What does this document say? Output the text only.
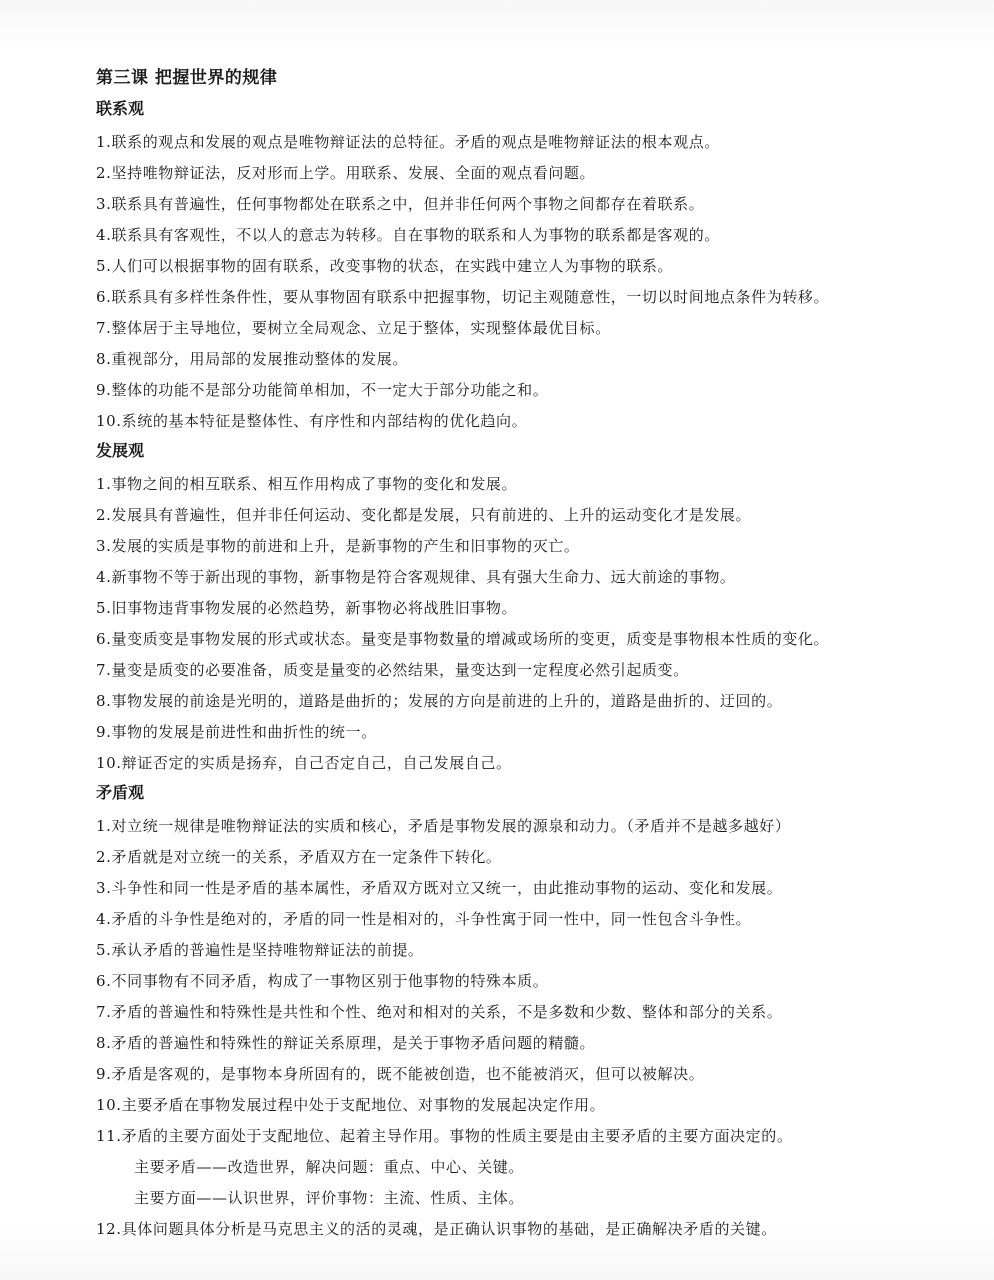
第三课 把握世界的规律
联系观
1.联系的观点和发展的观点是唯物辩证法的总特征。矛盾的观点是唯物辩证法的根本观点。
2.坚持唯物辩证法，反对形而上学。用联系、发展、全面的观点看问题。
3.联系具有普遍性，任何事物都处在联系之中，但并非任何两个事物之间都存在着联系。
4.联系具有客观性，不以人的意志为转移。自在事物的联系和人为事物的联系都是客观的。
5.人们可以根据事物的固有联系，改变事物的状态，在实践中建立人为事物的联系。
6.联系具有多样性条件性，要从事物固有联系中把握事物，切记主观随意性，一切以时间地点条件为转移。
7.整体居于主导地位，要树立全局观念、立足于整体，实现整体最优目标。
8.重视部分，用局部的发展推动整体的发展。
9.整体的功能不是部分功能简单相加，不一定大于部分功能之和。
10.系统的基本特征是整体性、有序性和内部结构的优化趋向。
发展观
1.事物之间的相互联系、相互作用构成了事物的变化和发展。
2.发展具有普遍性，但并非任何运动、变化都是发展，只有前进的、上升的运动变化才是发展。
3.发展的实质是事物的前进和上升，是新事物的产生和旧事物的灭亡。
4.新事物不等于新出现的事物，新事物是符合客观规律、具有强大生命力、远大前途的事物。
5.旧事物违背事物发展的必然趋势，新事物必将战胜旧事物。
6.量变质变是事物发展的形式或状态。量变是事物数量的增减或场所的变更，质变是事物根本性质的变化。
7.量变是质变的必要准备，质变是量变的必然结果，量变达到一定程度必然引起质变。
8.事物发展的前途是光明的，道路是曲折的；发展的方向是前进的上升的，道路是曲折的、迂回的。
9.事物的发展是前进性和曲折性的统一。
10.辩证否定的实质是扬弃，自己否定自己，自己发展自己。
矛盾观
1.对立统一规律是唯物辩证法的实质和核心，矛盾是事物发展的源泉和动力。（矛盾并不是越多越好）
2.矛盾就是对立统一的关系，矛盾双方在一定条件下转化。
3.斗争性和同一性是矛盾的基本属性，矛盾双方既对立又统一，由此推动事物的运动、变化和发展。
4.矛盾的斗争性是绝对的，矛盾的同一性是相对的，斗争性寓于同一性中，同一性包含斗争性。
5.承认矛盾的普遍性是坚持唯物辩证法的前提。
6.不同事物有不同矛盾，构成了一事物区别于他事物的特殊本质。
7.矛盾的普遍性和特殊性是共性和个性、绝对和相对的关系，不是多数和少数、整体和部分的关系。
8.矛盾的普遍性和特殊性的辩证关系原理，是关于事物矛盾问题的精髓。
9.矛盾是客观的，是事物本身所固有的，既不能被创造，也不能被消灭，但可以被解决。
10.主要矛盾在事物发展过程中处于支配地位、对事物的发展起决定作用。
11.矛盾的主要方面处于支配地位、起着主导作用。事物的性质主要是由主要矛盾的主要方面决定的。
主要矛盾——改造世界，解决问题：重点、中心、关键。
主要方面——认识世界，评价事物：主流、性质、主体。
12.具体问题具体分析是马克思主义的活的灵魂，是正确认识事物的基础，是正确解决矛盾的关键。
